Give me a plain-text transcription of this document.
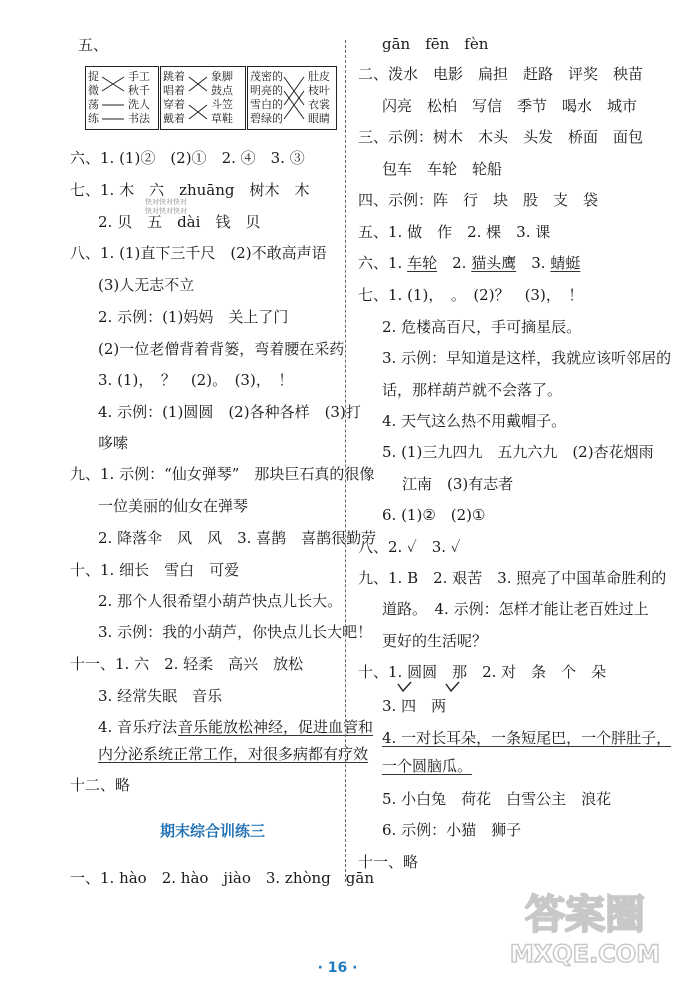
五、
捉
微
荡
练
手工
秋千
洗人
书法
跳着
唱着
穿着
戴着
象脚
鼓点
斗笠
草鞋
茂密的
明亮的
雪白的
碧绿的
肚皮
枝叶
衣裳
眼睛
六、1. (1)②　(2)①　2. ④　3. ③
七、1. 木　六　zhuāng　树木　木
2. 贝　五　dài　钱　贝
快对快对快对
快对快对快对
八、1. (1)直下三千尺　(2)不敢高声语
(3)人无志不立
2. 示例：(1)妈妈　关上了门
(2)一位老僧背着背篓，弯着腰在采药
3. (1)，　？　(2)。　(3)，　！
4. 示例：(1)圆圆　(2)各种各样　(3)打
哆嗦
九、1. 示例：“仙女弹琴”　那块巨石真的很像
一位美丽的仙女在弹琴
2. 降落伞　风　风　3. 喜鹊　喜鹊很勤劳
十、1. 细长　雪白　可爱
2. 那个人很希望小葫芦快点儿长大。
3. 示例：我的小葫芦，你快点儿长大吧！
十一、1. 六　2. 轻柔　高兴　放松
3. 经常失眠　音乐
4. 音乐疗法 音乐能放松神经，促进血管和
内分泌系统正常工作，对很多病都有疗效
十二、略
期末综合训练三
一、1. hào　2. hào　jiào　3. zhòng　gān
gān　fēn　fèn
二、泼水　电影　扁担　赶路　评奖　秧苗
闪亮　松柏　写信　季节　喝水　城市
三、示例：树木　木头　头发　桥面　面包
包车　车轮　轮船
四、示例：阵　行　块　股　支　袋
五、1. 做　作　2. 棵　3. 课
六、1. 车轮　2. 猫头鹰　3. 蜻蜓
七、1. (1)，　。　(2)？　(3)，　！
2. 危楼高百尺，手可摘星辰。
3. 示例：早知道是这样，我就应该听邻居的
话，那样葫芦就不会落了。
4. 天气这么热不用戴帽子。
5. (1)三九四九　五九六九　(2)杏花烟雨
江南　(3)有志者
6. (1)②　(2)①
八、2. ✓　3. ✓
九、1. B　2. 艰苦　3. 照亮了中国革命胜利的
道路。　4. 示例：怎样才能让老百姓过上
更好的生活呢？
十、1. 圆圆　那　2. 对　条　个　朵
3. 四　两
4. 一对长耳朵，一条短尾巴，一个胖肚子，
一个圆脑瓜。
5. 小白兔　荷花　白雪公主　浪花
6. 示例：小猫　狮子
十一、略
答案圈
MXQE.COM
· 16 ·
